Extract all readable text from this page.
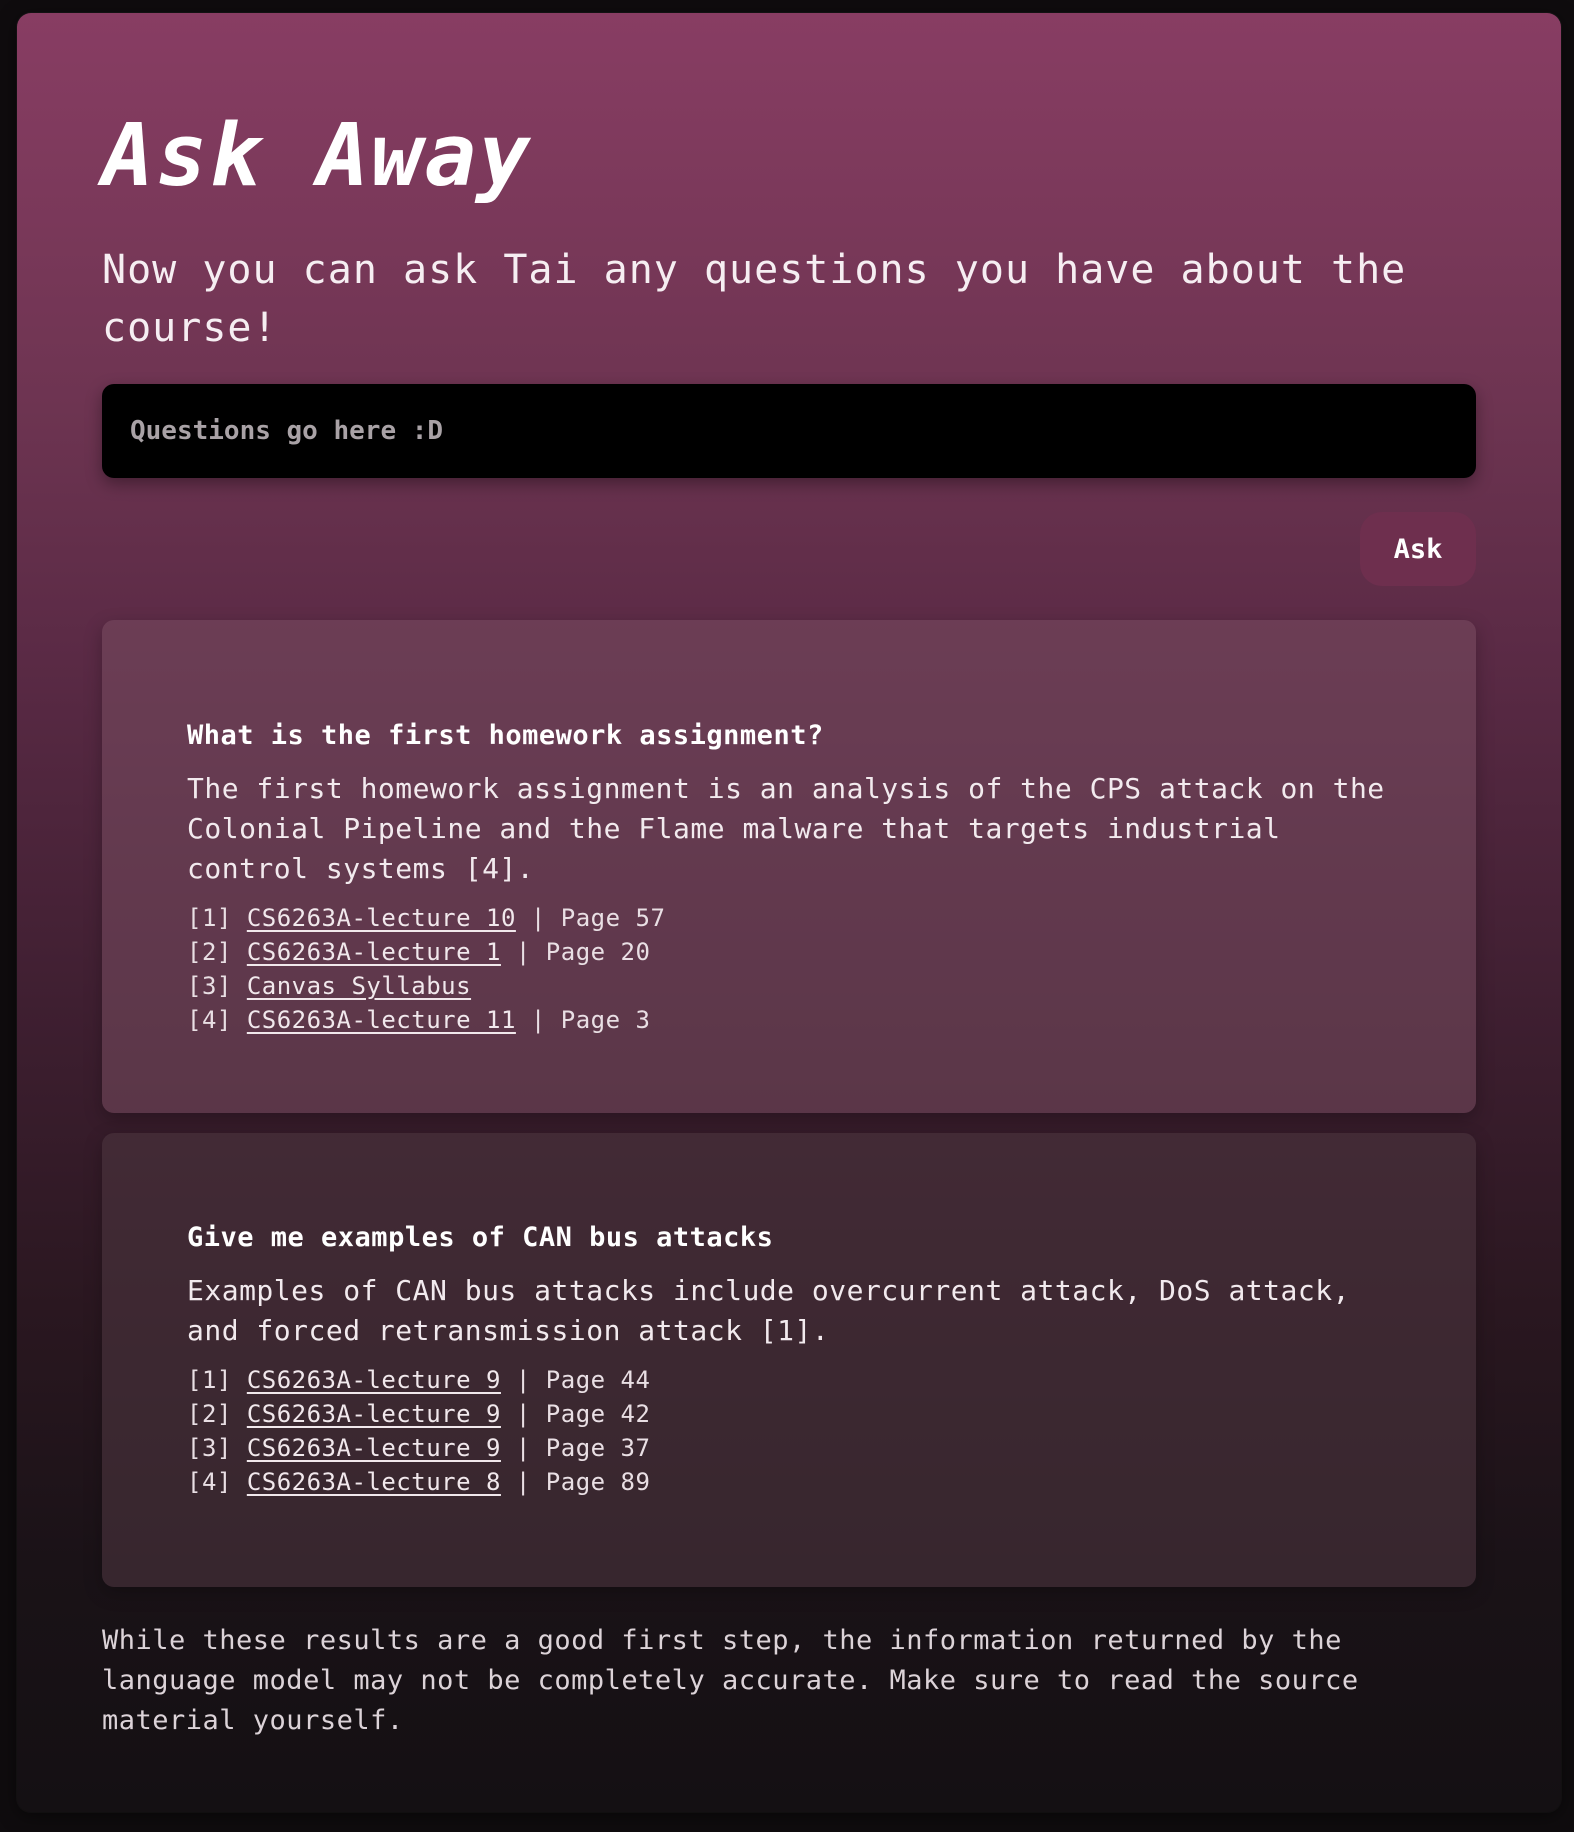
Ask Away

Now you can ask Tai any questions you have about the course!

Questions go here :D
Ask
What is the first homework assignment?

The first homework assignment is an analysis of the CPS attack on the Colonial Pipeline and the Flame malware that targets industrial control systems [4].

[1] CS6263A-lecture 10 | Page 57
[2] CS6263A-lecture 1 | Page 20
[3] Canvas Syllabus
[4] CS6263A-lecture 11 | Page 3
Give me examples of CAN bus attacks

Examples of CAN bus attacks include overcurrent attack, DoS attack, and forced retransmission attack [1].

[1] CS6263A-lecture 9 | Page 44
[2] CS6263A-lecture 9 | Page 42
[3] CS6263A-lecture 9 | Page 37
[4] CS6263A-lecture 8 | Page 89

While these results are a good first step, the information returned by the language model may not be completely accurate. Make sure to read the source material yourself.
